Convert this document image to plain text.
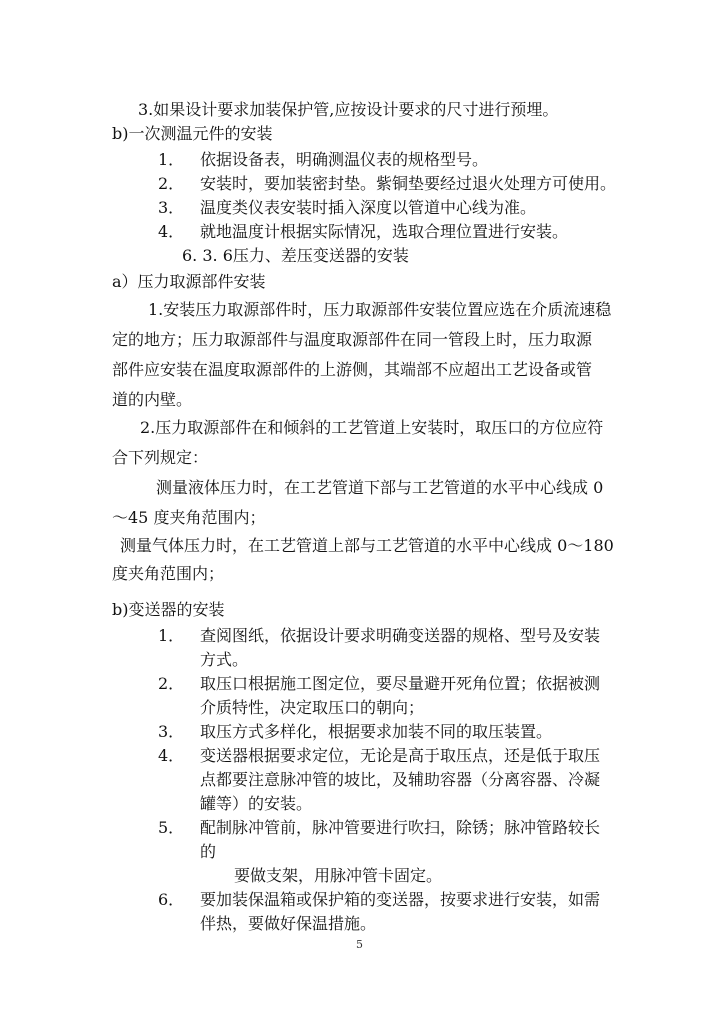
3.如果设计要求加装保护管,应按设计要求的尺寸进行预埋。
b)一次测温元件的安装
1． 依据设备表，明确测温仪表的规格型号。
2． 安装时，要加装密封垫。紫铜垫要经过退火处理方可使用。
3． 温度类仪表安装时插入深度以管道中心线为准。
4． 就地温度计根据实际情况，选取合理位置进行安装。
6. 3. 6压力、差压变送器的安装
a）压力取源部件安装
1.安装压力取源部件时，压力取源部件安装位置应选在介质流速稳
定的地方；压力取源部件与温度取源部件在同一管段上时，压力取源
部件应安装在温度取源部件的上游侧，其端部不应超出工艺设备或管
道的内壁。
2.压力取源部件在和倾斜的工艺管道上安装时，取压口的方位应符
合下列规定：
测量液体压力时，在工艺管道下部与工艺管道的水平中心线成 0
～45 度夹角范围内；
测量气体压力时，在工艺管道上部与工艺管道的水平中心线成 0～180
度夹角范围内；
b)变送器的安装
1． 查阅图纸，依据设计要求明确变送器的规格、型号及安装
方式。
2． 取压口根据施工图定位，要尽量避开死角位置；依据被测
介质特性，决定取压口的朝向；
3． 取压方式多样化，根据要求加装不同的取压装置。
4． 变送器根据要求定位，无论是高于取压点，还是低于取压
点都要注意脉冲管的坡比，及辅助容器（分离容器、冷凝
罐等）的安装。
5． 配制脉冲管前，脉冲管要进行吹扫，除锈；脉冲管路较长
的
要做支架，用脉冲管卡固定。
6． 要加装保温箱或保护箱的变送器，按要求进行安装，如需
伴热，要做好保温措施。
5
